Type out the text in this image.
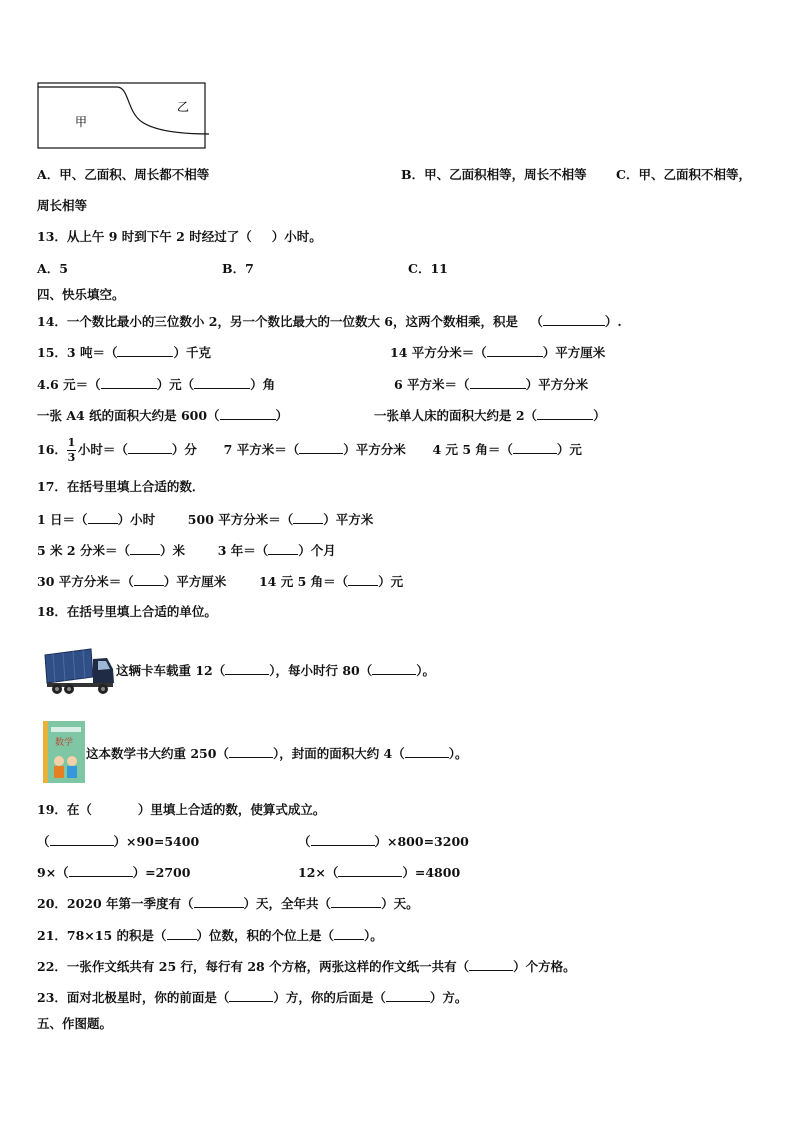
甲
乙
A．甲、乙面积、周长都不相等	B．甲、乙面积相等，周长不相等 C．甲、乙面积不相等，
周长相等
13．从上午 9 时到下午 2 时经过了（ ）小时。
A．5	B．7	C．11
四、快乐填空。
14．一个数比最小的三位数小 2，另一个数比最大的一位数大 6，这两个数相乘，积是 （	）.
15．3 吨＝（	）千克	14 平方分米＝（	）平方厘米
4.6 元＝（	）元（	）角	6 平方米＝（	）平方分米
一张 A4 纸的面积大约是 600（	）	一张单人床的面积大约是 2（	）
16． $\frac{1}{3}$ 小时＝（	）分 7 平方米＝（	）平方分米 4 元 5 角＝（	）元
17．在括号里填上合适的数．
1 日＝（ ）小时	500 平方分米＝（ ）平方米
5 米 2 分米＝（ ）米	3 年＝（ ）个月
30 平方分米＝（ ）平方厘米	14 元 5 角＝（ ）元
18．在括号里填上合适的单位。
这辆卡车载重 12（	），每小时行 80（	）。
数学
这本数学书大约重 250（	），封面的面积大约 4（	）。
19．在（	）里填上合适的数，使算式成立。
（	）×90=5400	（	）×800=3200
9×（	）=2700	12×（	）=4800
20．2020 年第一季度有（	）天，全年共（	）天。
21．78×15 的积是（ ）位数，积的个位上是（ ）。
22．一张作文纸共有 25 行，每行有 28 个方格，两张这样的作文纸一共有（	）个方格。
23．面对北极星时，你的前面是（	）方，你的后面是（	）方。
五、作图题。
